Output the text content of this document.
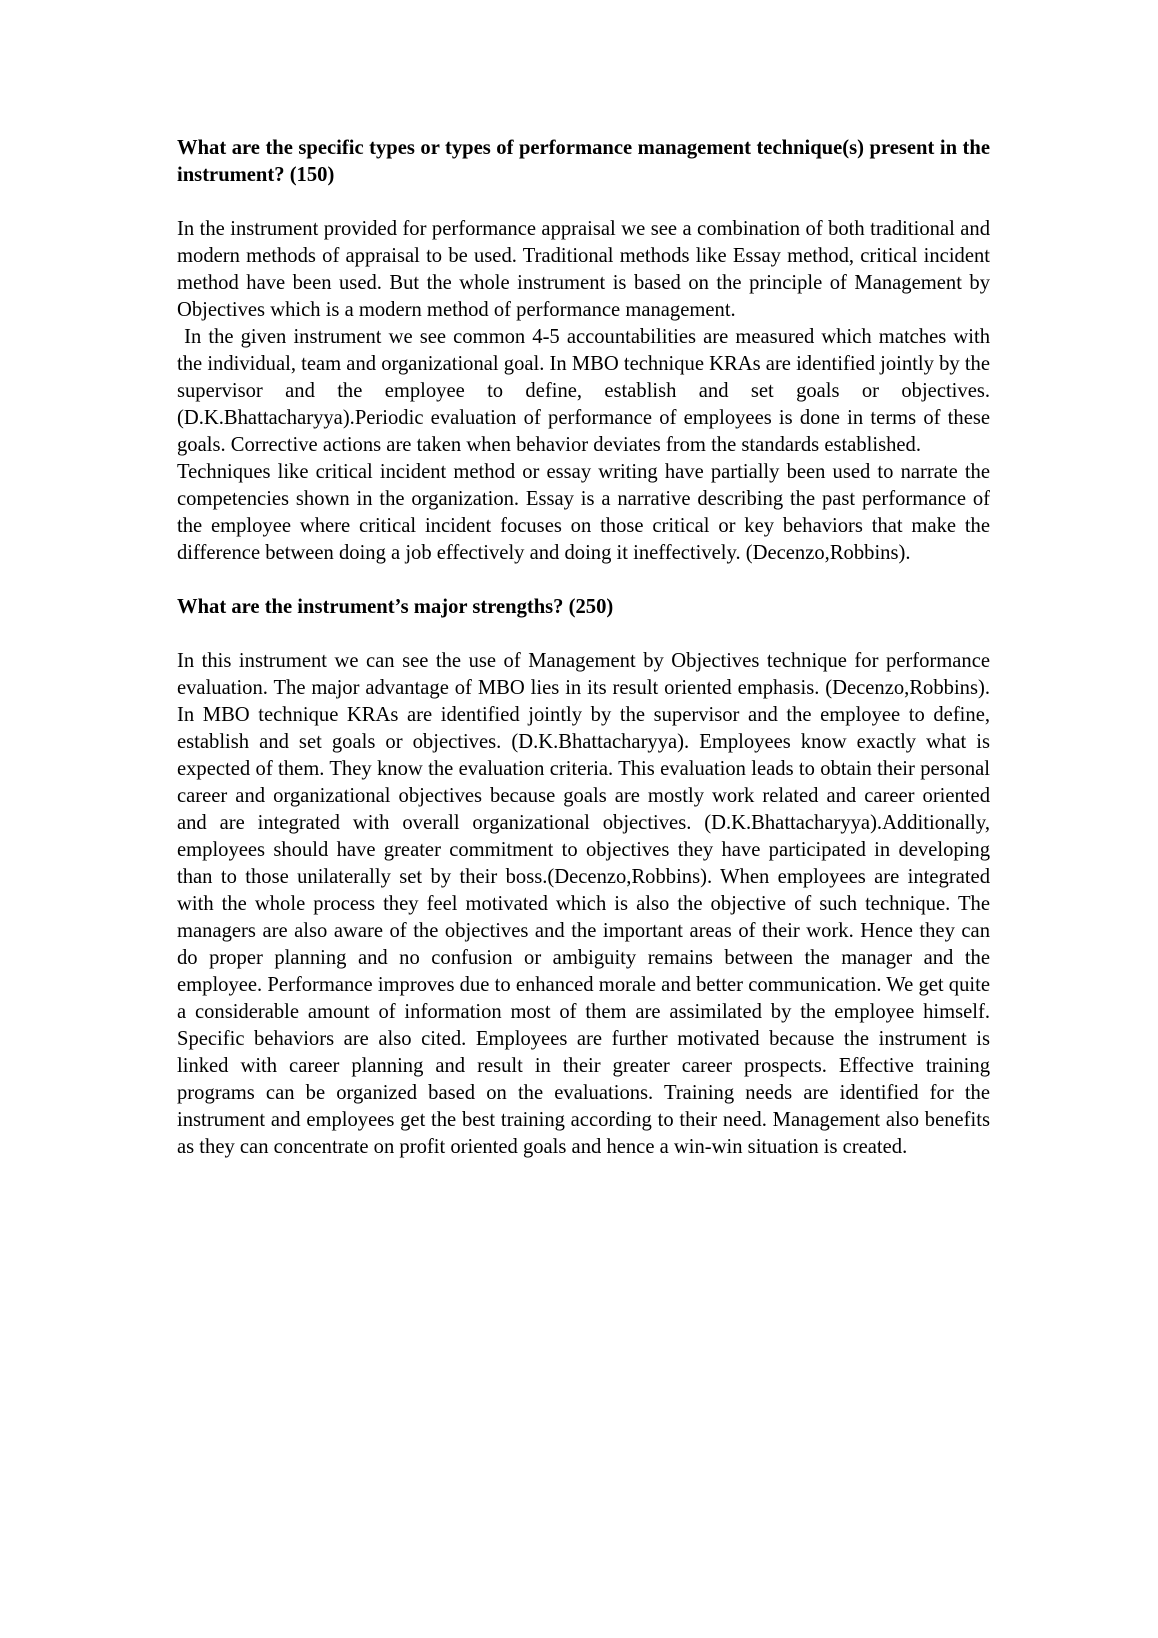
What are the specific types or types of performance management technique(s) present in the instrument? (150)

In the instrument provided for performance appraisal we see a combination of both traditional and modern methods of appraisal to be used. Traditional methods like Essay method, critical incident method have been used. But the whole instrument is based on the principle of Management by Objectives which is a modern method of performance management.

In the given instrument we see common 4-5 accountabilities are measured which matches with the individual, team and organizational goal. In MBO technique KRAs are identified jointly by the supervisor and the employee to define, establish and set goals or objectives.(D.K.Bhattacharyya).Periodic evaluation of performance of employees is done in terms of these goals. Corrective actions are taken when behavior deviates from the standards established.

Techniques like critical incident method or essay writing have partially been used to narrate the competencies shown in the organization. Essay is a narrative describing the past performance of the employee where critical incident focuses on those critical or key behaviors that make the difference between doing a job effectively and doing it ineffectively. (Decenzo,Robbins).

What are the instrument’s major strengths? (250)

In this instrument we can see the use of Management by Objectives technique for performance evaluation. The major advantage of MBO lies in its result oriented emphasis. (Decenzo,Robbins). In MBO technique KRAs are identified jointly by the supervisor and the employee to define, establish and set goals or objectives. (D.K.Bhattacharyya). Employees know exactly what is expected of them. They know the evaluation criteria. This evaluation leads to obtain their personal career and organizational objectives because goals are mostly work related and career oriented and are integrated with overall organizational objectives. (D.K.Bhattacharyya).Additionally, employees should have greater commitment to objectives they have participated in developing than to those unilaterally set by their boss.(Decenzo,Robbins). When employees are integrated with the whole process they feel motivated which is also the objective of such technique. The managers are also aware of the objectives and the important areas of their work. Hence they can do proper planning and no confusion or ambiguity remains between the manager and the employee. Performance improves due to enhanced morale and better communication. We get quite a considerable amount of information most of them are assimilated by the employee himself. Specific behaviors are also cited. Employees are further motivated because the instrument is linked with career planning and result in their greater career prospects. Effective training programs can be organized based on the evaluations. Training needs are identified for the instrument and employees get the best training according to their need. Management also benefits as they can concentrate on profit oriented goals and hence a win-win situation is created.
